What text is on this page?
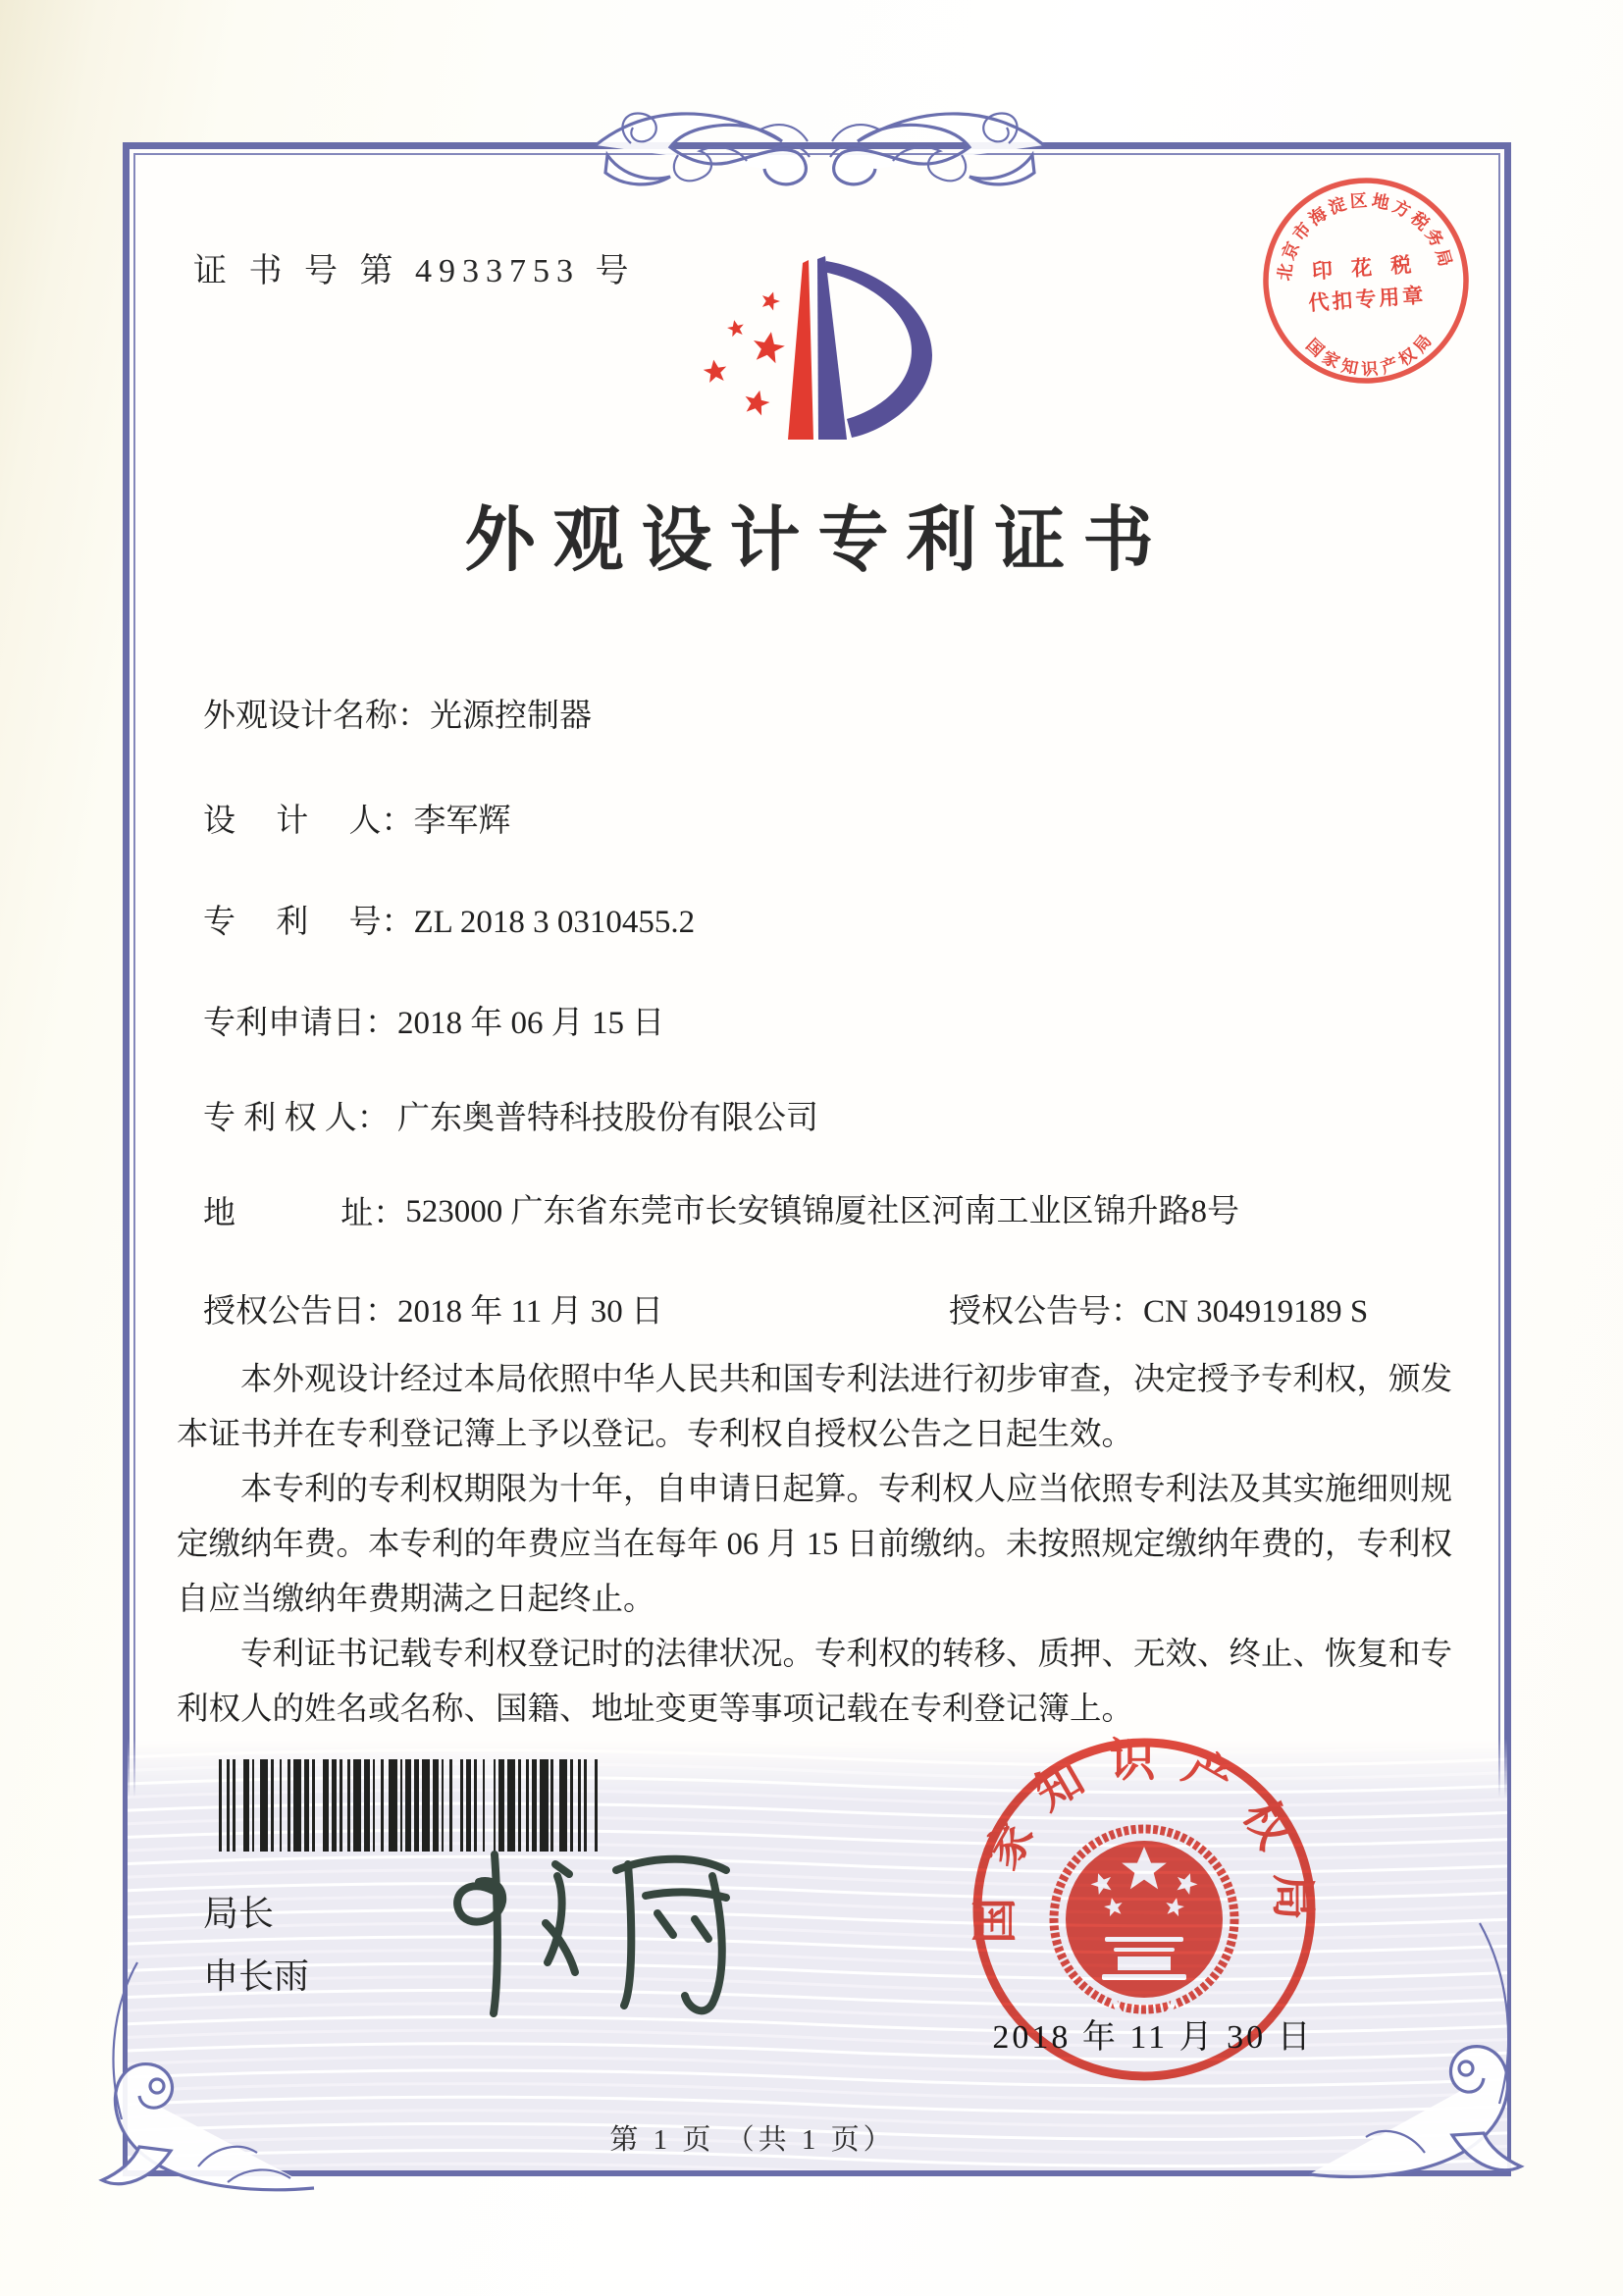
证 书 号 第 4933753 号	北京市海淀区地方税务局
国家知识产权局
印 花 税
代扣专用章
外观设计专利证书
外观设计名称：光源控制器
设　 计　 人：李军辉
专　 利　 号：ZL 2018 3 0310455.2
专利申请日：2018 年 06 月 15 日
专 利 权 人： 广东奥普特科技股份有限公司
地　　　 址：523000 广东省东莞市长安镇锦厦社区河南工业区锦升路8号
授权公告日：2018 年 11 月 30 日	授权公告号：CN 304919189 S

本外观设计经过本局依照中华人民共和国专利法进行初步审查，决定授予专利权，颁发本证书并在专利登记簿上予以登记。专利权自授权公告之日起生效。

本专利的专利权期限为十年，自申请日起算。专利权人应当依照专利法及其实施细则规定缴纳年费。本专利的年费应当在每年 06 月 15 日前缴纳。未按照规定缴纳年费的，专利权自应当缴纳年费期满之日起终止。

专利证书记载专利权登记时的法律状况。专利权的转移、质押、无效、终止、恢复和专利权人的姓名或名称、国籍、地址变更等事项记载在专利登记簿上。

局长
申长雨
国家知识产权局
2018 年 11 月 30 日
第 1 页 （共 1 页）
